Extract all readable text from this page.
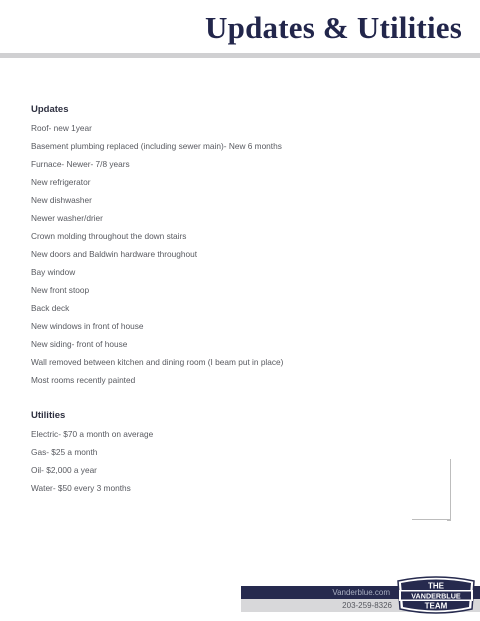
Updates & Utilities
Updates
Roof- new 1year
Basement plumbing replaced (including sewer main)- New 6 months
Furnace- Newer- 7/8 years
New refrigerator
New dishwasher
Newer washer/drier
Crown molding throughout the down stairs
New doors and Baldwin hardware throughout
Bay window
New front stoop
Back deck
New windows in front of house
New siding- front of house
Wall removed between kitchen and dining room (I beam put in place)
Most rooms recently painted
Utilities
Electric- $70 a month on average
Gas- $25 a month
Oil- $2,000 a year
Water- $50 every 3 months
Vanderblue.com
203-259-8326
THE
VANDERBLUE
TEAM
